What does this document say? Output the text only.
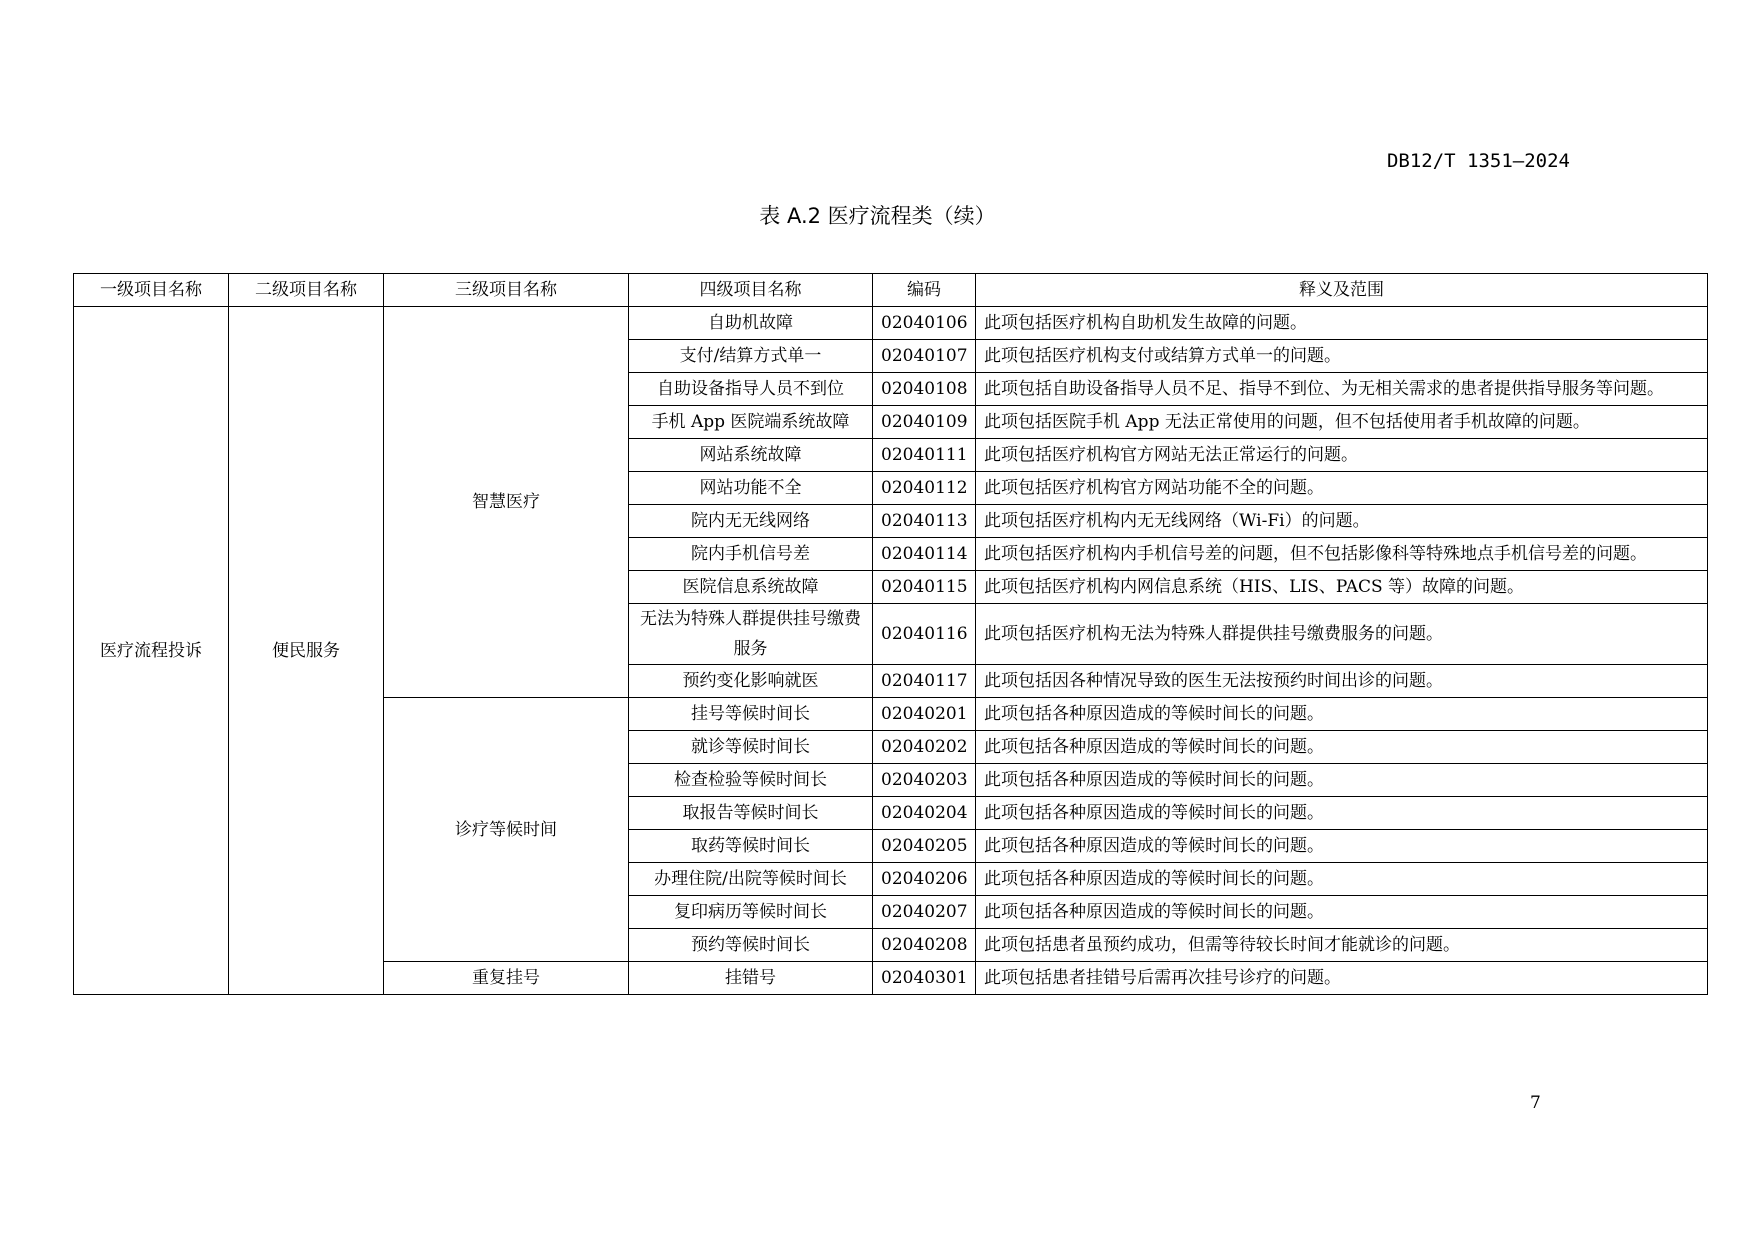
DB12/T 1351—2024
表 A.2 医疗流程类（续）
一级项目名称	二级项目名称	三级项目名称	四级项目名称	编码	释义及范围
医疗流程投诉	便民服务	智慧医疗	自助机故障	02040106	此项包括医疗机构自助机发生故障的问题。
			支付/结算方式单一	02040107	此项包括医疗机构支付或结算方式单一的问题。
			自助设备指导人员不到位	02040108	此项包括自助设备指导人员不足、指导不到位、为无相关需求的患者提供指导服务等问题。
			手机 App 医院端系统故障	02040109	此项包括医院手机 App 无法正常使用的问题，但不包括使用者手机故障的问题。
			网站系统故障	02040111	此项包括医疗机构官方网站无法正常运行的问题。
			网站功能不全	02040112	此项包括医疗机构官方网站功能不全的问题。
			院内无无线网络	02040113	此项包括医疗机构内无无线网络（Wi-Fi）的问题。
			院内手机信号差	02040114	此项包括医疗机构内手机信号差的问题，但不包括影像科等特殊地点手机信号差的问题。
			医院信息系统故障	02040115	此项包括医疗机构内网信息系统（HIS、LIS、PACS 等）故障的问题。
			无法为特殊人群提供挂号缴费服务	02040116	此项包括医疗机构无法为特殊人群提供挂号缴费服务的问题。
			预约变化影响就医	02040117	此项包括因各种情况导致的医生无法按预约时间出诊的问题。
		诊疗等候时间	挂号等候时间长	02040201	此项包括各种原因造成的等候时间长的问题。
			就诊等候时间长	02040202	此项包括各种原因造成的等候时间长的问题。
			检查检验等候时间长	02040203	此项包括各种原因造成的等候时间长的问题。
			取报告等候时间长	02040204	此项包括各种原因造成的等候时间长的问题。
			取药等候时间长	02040205	此项包括各种原因造成的等候时间长的问题。
			办理住院/出院等候时间长	02040206	此项包括各种原因造成的等候时间长的问题。
			复印病历等候时间长	02040207	此项包括各种原因造成的等候时间长的问题。
			预约等候时间长	02040208	此项包括患者虽预约成功，但需等待较长时间才能就诊的问题。
		重复挂号	挂错号	02040301	此项包括患者挂错号后需再次挂号诊疗的问题。
7
